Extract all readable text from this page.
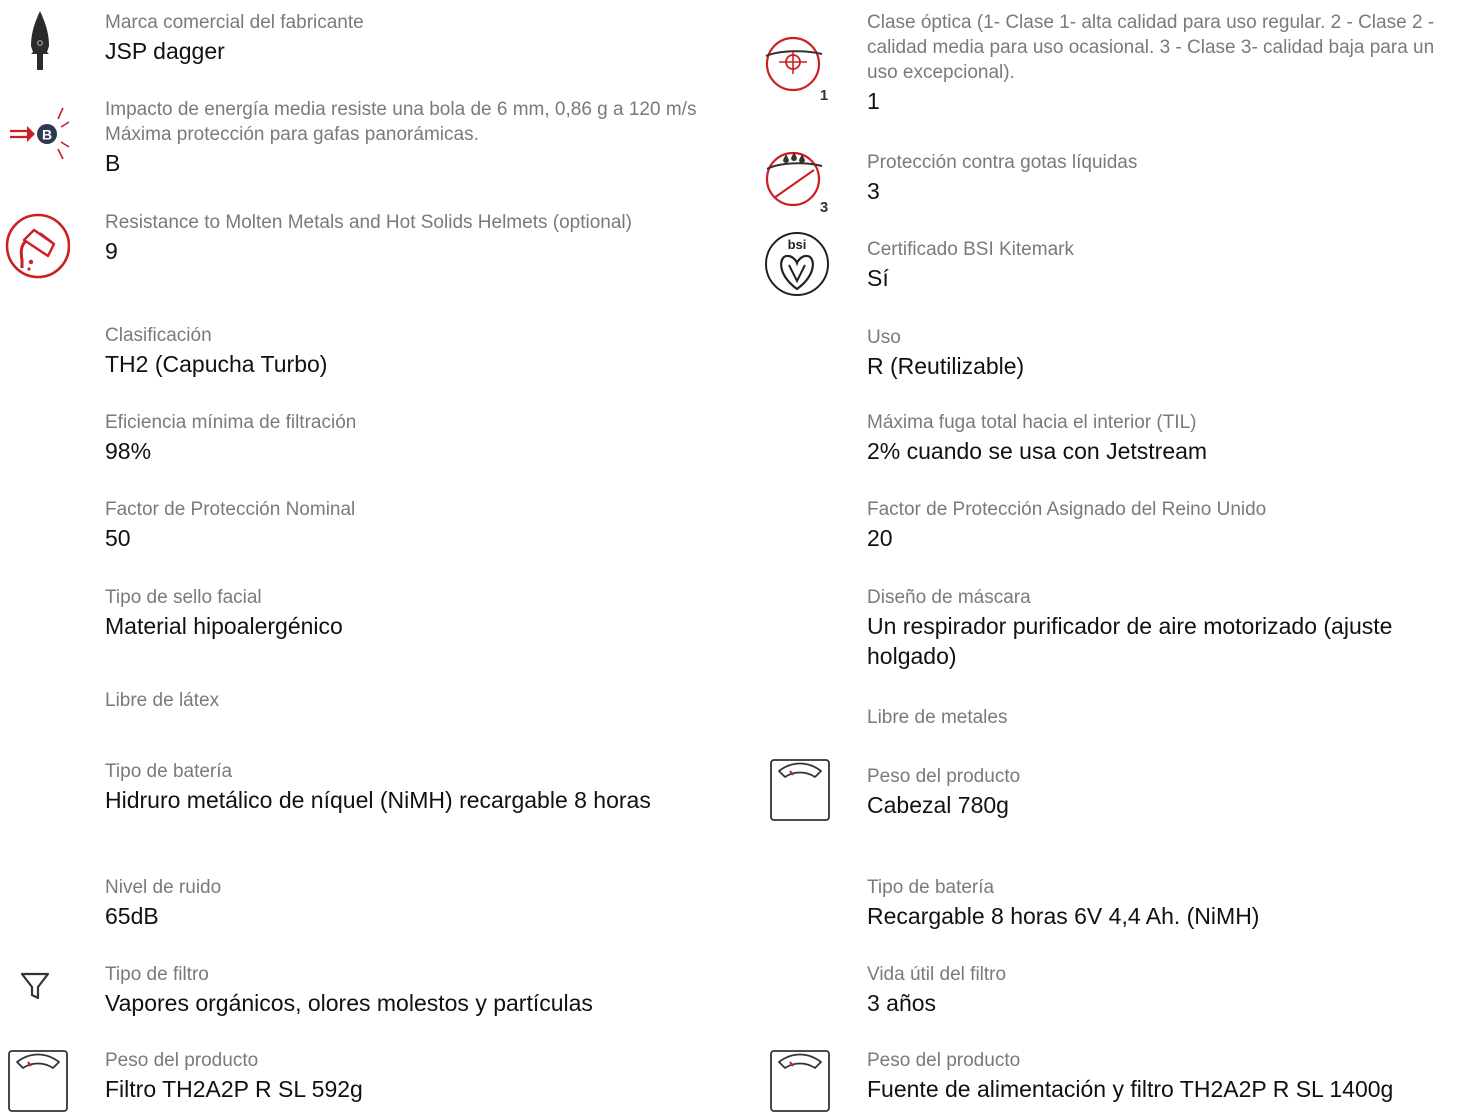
Marca comercial del fabricante
JSP dagger
B
Impacto de energía media resiste una bola de 6 mm, 0,86 g a 120 m/s Máxima protección para gafas panorámicas.
B
Resistance to Molten Metals and Hot Solids Helmets (optional)
9
Clasificación
TH2 (Capucha Turbo)
Eficiencia mínima de filtración
98%
Factor de Protección Nominal
50
Tipo de sello facial
Material hipoalergénico
Libre de látex
Tipo de batería
Hidruro metálico de níquel (NiMH) recargable 8 horas
Nivel de ruido
65dB
Tipo de filtro
Vapores orgánicos, olores molestos y partículas
Peso del producto
Filtro TH2A2P R SL 592g
1
Clase óptica (1- Clase 1- alta calidad para uso regular. 2 - Clase 2 - calidad media para uso ocasional. 3 - Clase 3- calidad baja para un uso excepcional).
1
3
Protección contra gotas líquidas
3
bsi	Certificado BSI Kitemark
Sí
Uso
R (Reutilizable)
Máxima fuga total hacia el interior (TIL)
2% cuando se usa con Jetstream
Factor de Protección Asignado del Reino Unido
20
Diseño de máscara
Un respirador purificador de aire motorizado (ajuste holgado)
Libre de metales
Peso del producto
Cabezal 780g
Tipo de batería
Recargable 8 horas 6V 4,4 Ah. (NiMH)
Vida útil del filtro
3 años
Peso del producto
Fuente de alimentación y filtro TH2A2P R SL 1400g
